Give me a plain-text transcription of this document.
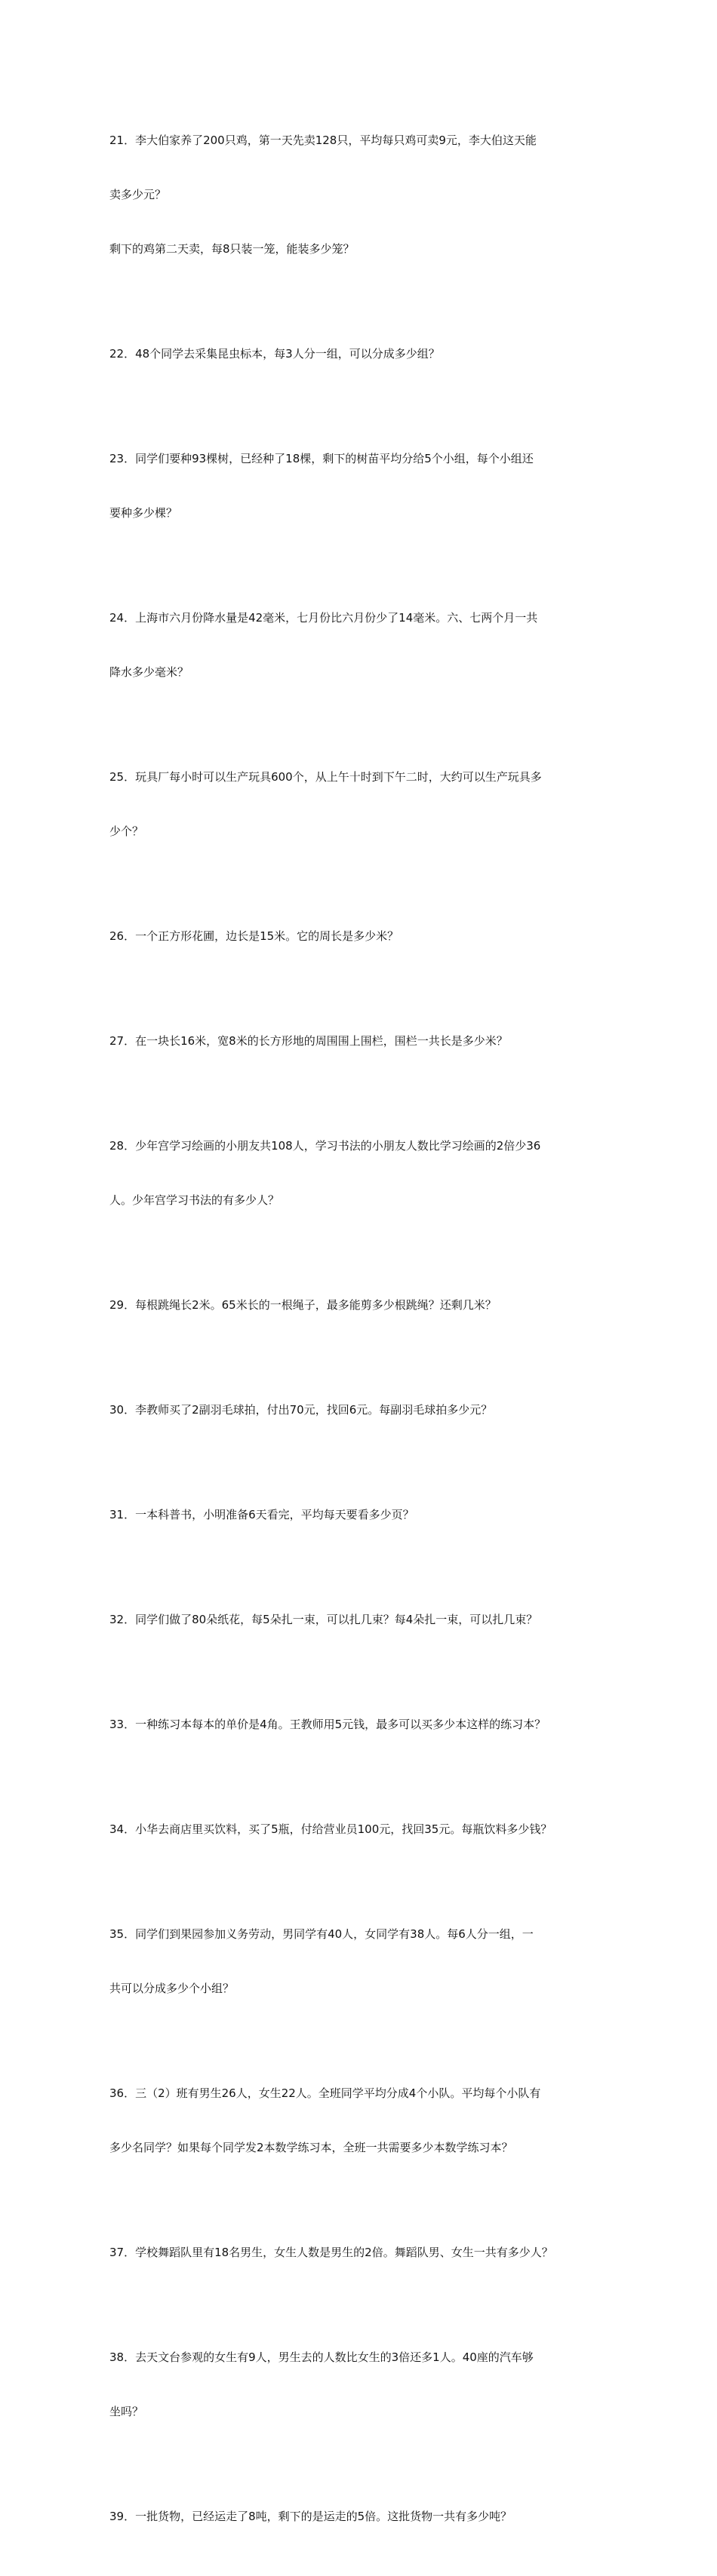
21．李大伯家养了200只鸡，第一天先卖128只，平均每只鸡可卖9元，李大伯这天能

卖多少元？

剩下的鸡第二天卖，每8只装一笼，能装多少笼？

22．48个同学去采集昆虫标本，每3人分一组，可以分成多少组？

23．同学们要种93棵树，已经种了18棵，剩下的树苗平均分给5个小组，每个小组还

要种多少棵？

24．上海市六月份降水量是42毫米，七月份比六月份少了14毫米。六、七两个月一共

降水多少毫米？

25．玩具厂每小时可以生产玩具600个，从上午十时到下午二时，大约可以生产玩具多

少个？

26．一个正方形花圃，边长是15米。它的周长是多少米？

27．在一块长16米，宽8米的长方形地的周围围上围栏，围栏一共长是多少米？

28．少年宫学习绘画的小朋友共108人，学习书法的小朋友人数比学习绘画的2倍少36

人。少年宫学习书法的有多少人？

29．每根跳绳长2米。65米长的一根绳子，最多能剪多少根跳绳？还剩几米？

30．李教师买了2副羽毛球拍，付出70元，找回6元。每副羽毛球拍多少元？

31．一本科普书，小明准备6天看完，平均每天要看多少页？

32．同学们做了80朵纸花，每5朵扎一束，可以扎几束？每4朵扎一束，可以扎几束？

33．一种练习本每本的单价是4角。王教师用5元钱，最多可以买多少本这样的练习本？

34．小华去商店里买饮料，买了5瓶，付给营业员100元，找回35元。每瓶饮料多少钱？

35．同学们到果园参加义务劳动，男同学有40人，女同学有38人。每6人分一组，一

共可以分成多少个小组？

36．三（2）班有男生26人，女生22人。全班同学平均分成4个小队。平均每个小队有

多少名同学？如果每个同学发2本数学练习本，全班一共需要多少本数学练习本？

37．学校舞蹈队里有18名男生，女生人数是男生的2倍。舞蹈队男、女生一共有多少人？

38．去天文台参观的女生有9人，男生去的人数比女生的3倍还多1人。40座的汽车够

坐吗？

39．一批货物，已经运走了8吨，剩下的是运走的5倍。这批货物一共有多少吨？
